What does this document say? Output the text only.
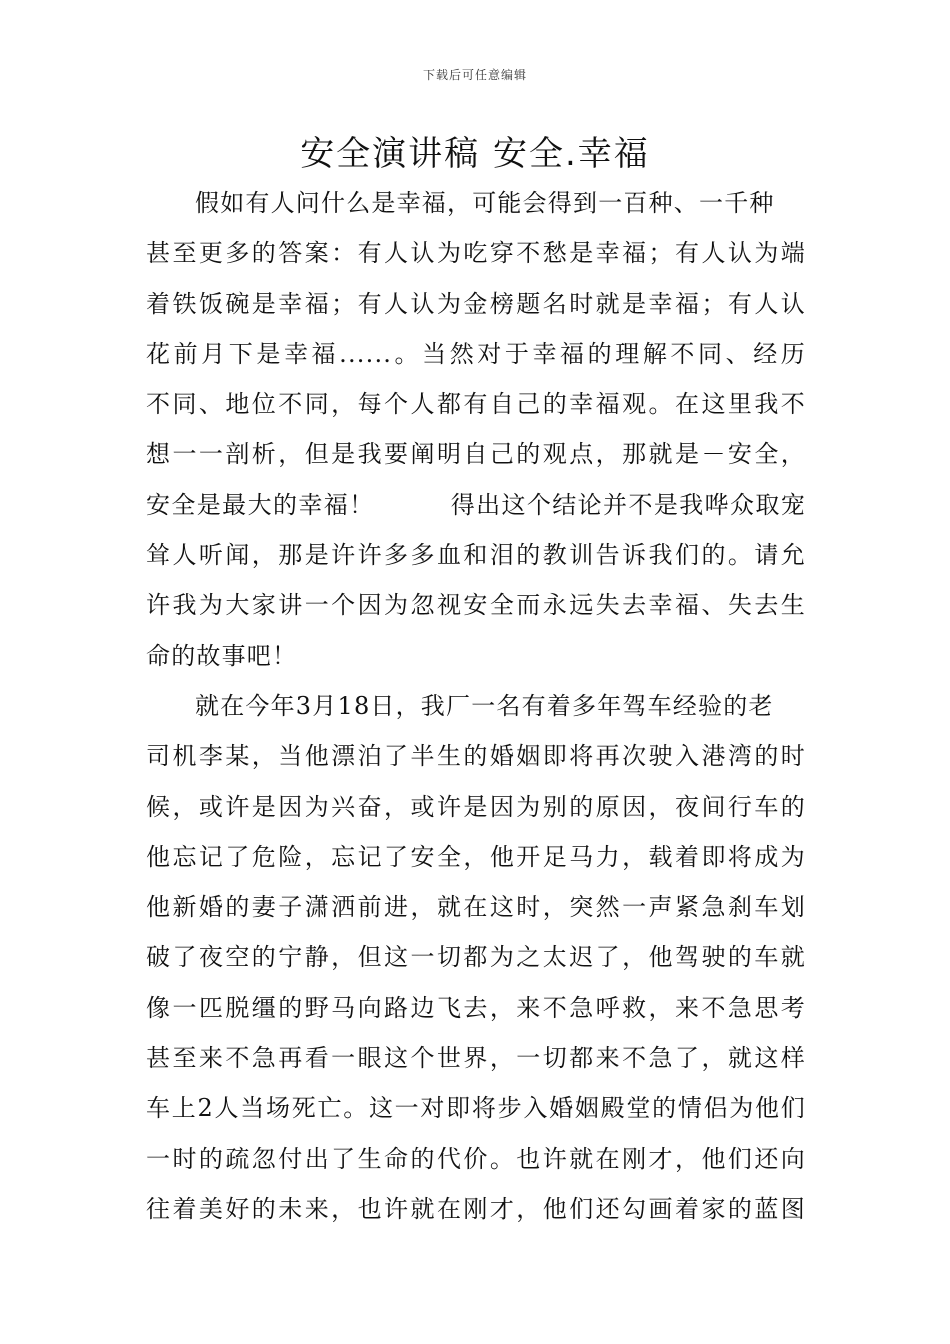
下载后可任意编辑
安全演讲稿 安全.幸福
假如有人问什么是幸福，可能会得到一百种、一千种
甚至更多的答案：有人认为吃穿不愁是幸福；有人认为端
着铁饭碗是幸福；有人认为金榜题名时就是幸福；有人认
花前月下是幸福......。当然对于幸福的理解不同、经历
不同、地位不同，每个人都有自己的幸福观。在这里我不
想一一剖析，但是我要阐明自己的观点，那就是－安全，
安全是最大的幸福！　　　得出这个结论并不是我哗众取宠
耸人听闻，那是许许多多血和泪的教训告诉我们的。请允
许我为大家讲一个因为忽视安全而永远失去幸福、失去生
命的故事吧！
就在今年3月18日，我厂一名有着多年驾车经验的老
司机李某，当他漂泊了半生的婚姻即将再次驶入港湾的时
候，或许是因为兴奋，或许是因为别的原因，夜间行车的
他忘记了危险，忘记了安全，他开足马力，载着即将成为
他新婚的妻子潇洒前进，就在这时，突然一声紧急刹车划
破了夜空的宁静，但这一切都为之太迟了，他驾驶的车就
像一匹脱缰的野马向路边飞去，来不急呼救，来不急思考
甚至来不急再看一眼这个世界，一切都来不急了，就这样
车上2人当场死亡。这一对即将步入婚姻殿堂的情侣为他们
一时的疏忽付出了生命的代价。也许就在刚才，他们还向
往着美好的未来，也许就在刚才，他们还勾画着家的蓝图
